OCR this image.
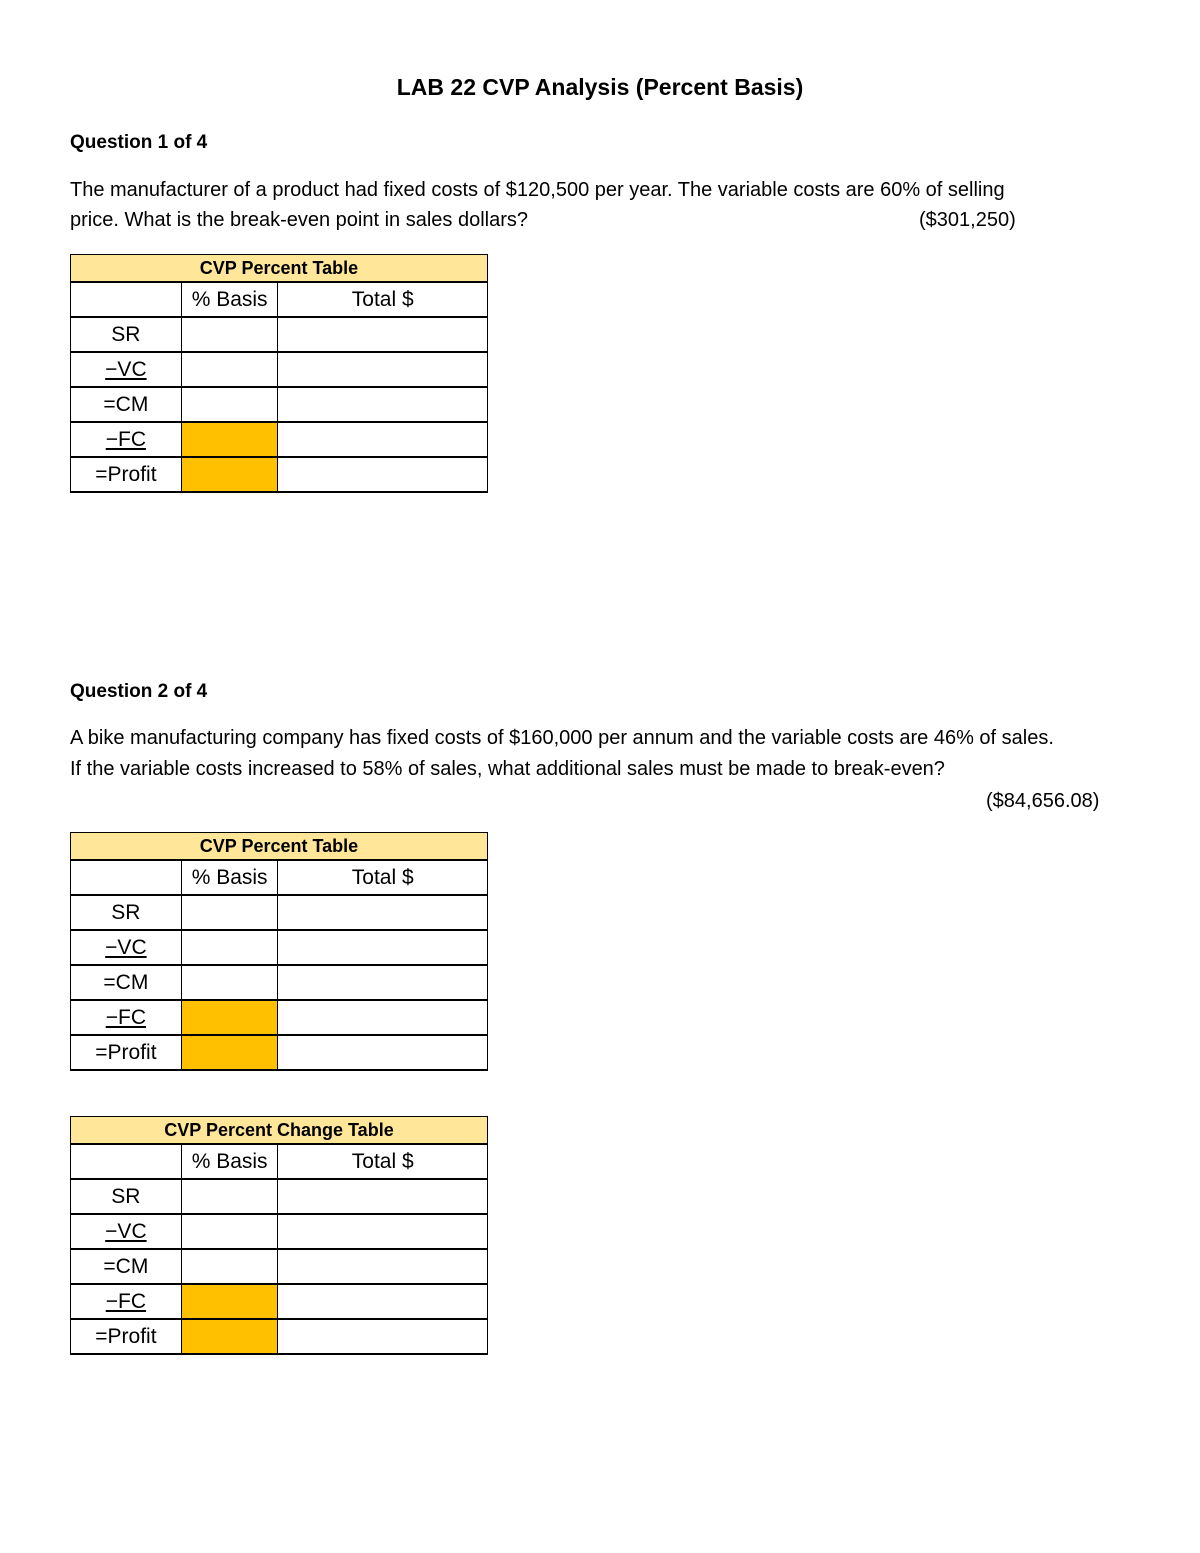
LAB 22 CVP Analysis (Percent Basis)
Question 1 of 4
The manufacturer of a product had fixed costs of $120,500 per year. The variable costs are 60% of selling
price. What is the break-even point in sales dollars?	($301,250)
CVP Percent Table		
	% Basis	Total $
SR		
−VC		
=CM		
−FC		
=Profit		
Question 2 of 4
A bike manufacturing company has fixed costs of $160,000 per annum and the variable costs are 46% of sales.
If the variable costs increased to 58% of sales, what additional sales must be made to break-even?
($84,656.08)
CVP Percent Table		
	% Basis	Total $
SR		
−VC		
=CM		
−FC		
=Profit		
CVP Percent Change Table		
	% Basis	Total $
SR		
−VC		
=CM		
−FC		
=Profit		
